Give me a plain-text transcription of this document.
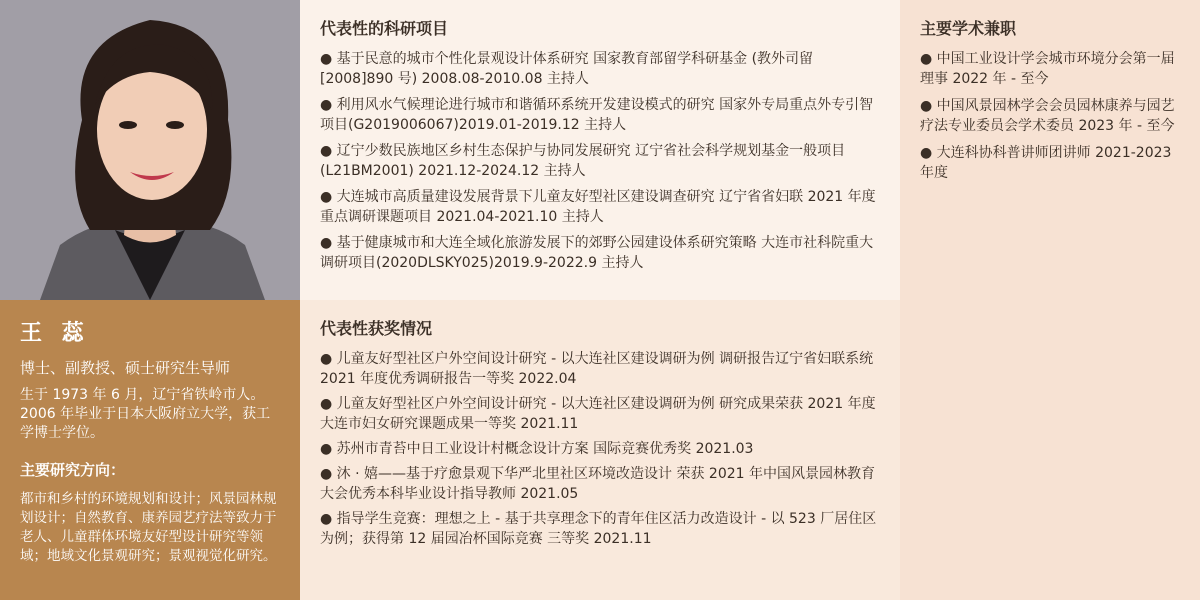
王 蕊
博士、副教授、硕士研究生导师
生于 1973 年 6 月，辽宁省铁岭市人。2006 年毕业于日本大阪府立大学，获工学博士学位。
主要研究方向：
都市和乡村的环境规划和设计；风景园林规划设计；自然教育、康养园艺疗法等致力于老人、儿童群体环境友好型设计研究等领域；地域文化景观研究；景观视觉化研究。
代表性的科研项目
● 基于民意的城市个性化景观设计体系研究 国家教育部留学科研基金 (教外司留 [2008]890 号) 2008.08-2010.08 主持人
● 利用风水气候理论进行城市和谐循环系统开发建设模式的研究 国家外专局重点外专引智项目(G2019006067)2019.01-2019.12 主持人
● 辽宁少数民族地区乡村生态保护与协同发展研究 辽宁省社会科学规划基金一般项目(L21BM2001) 2021.12-2024.12 主持人
● 大连城市高质量建设发展背景下儿童友好型社区建设调查研究 辽宁省省妇联 2021 年度重点调研课题项目 2021.04-2021.10 主持人
● 基于健康城市和大连全域化旅游发展下的郊野公园建设体系研究策略 大连市社科院重大调研项目(2020DLSKY025)2019.9-2022.9 主持人
代表性获奖情况
● 儿童友好型社区户外空间设计研究 - 以大连社区建设调研为例 调研报告辽宁省妇联系统 2021 年度优秀调研报告一等奖 2022.04
● 儿童友好型社区户外空间设计研究 - 以大连社区建设调研为例 研究成果荣获 2021 年度大连市妇女研究课题成果一等奖 2021.11
● 苏州市青苔中日工业设计村概念设计方案 国际竞赛优秀奖 2021.03
● 沐 · 嬉——基于疗愈景观下华严北里社区环境改造设计 荣获 2021 年中国风景园林教育大会优秀本科毕业设计指导教师 2021.05
● 指导学生竞赛：理想之上 - 基于共享理念下的青年住区活力改造设计 - 以 523 厂居住区为例；获得第 12 届园冶杯国际竞赛 三等奖 2021.11
主要学术兼职
● 中国工业设计学会城市环境分会第一届理事 2022 年 - 至今
● 中国风景园林学会会员园林康养与园艺疗法专业委员会学术委员 2023 年 - 至今
● 大连科协科普讲师团讲师 2021-2023 年度
